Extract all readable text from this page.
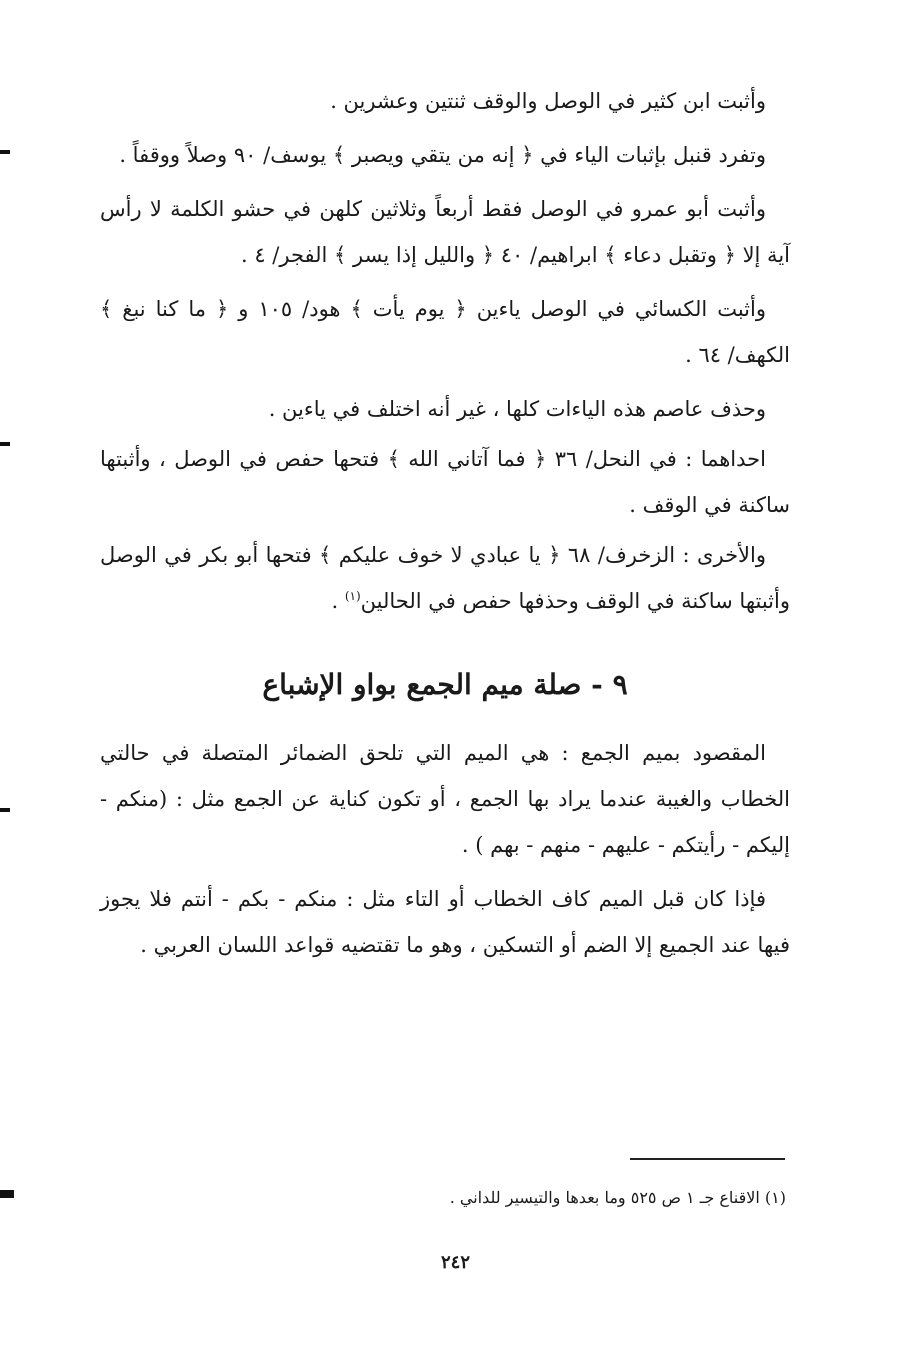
وأثبت ابن كثير في الوصل والوقف ثنتين وعشرين .

وتفرد قنبل بإثبات الياء في ﴿ إنه من يتقي ويصبر ﴾ يوسف/ ٩٠ وصلاً ووقفاً .

وأثبت أبو عمرو في الوصل فقط أربعاً وثلاثين كلهن في حشو الكلمة لا رأس آية إلا ﴿ وتقبل دعاء ﴾ ابراهيم/ ٤٠ ﴿ والليل إذا يسر ﴾ الفجر/ ٤ .

وأثبت الكسائي في الوصل ياءين ﴿ يوم يأت ﴾ هود/ ١٠٥ و ﴿ ما كنا نبغ ﴾ الكهف/ ٦٤ .

وحذف عاصم هذه الياءات كلها ، غير أنه اختلف في ياءين .

احداهما : في النحل/ ٣٦ ﴿ فما آتاني الله ﴾ فتحها حفص في الوصل ، وأثبتها ساكنة في الوقف .

والأخرى : الزخرف/ ٦٨ ﴿ يا عبادي لا خوف عليكم ﴾ فتحها أبو بكر في الوصل وأثبتها ساكنة في الوقف وحذفها حفص في الحالين$^{(١)}$ .

٩ - صلة ميم الجمع بواو الإشباع

المقصود بميم الجمع : هي الميم التي تلحق الضمائر المتصلة في حالتي الخطاب والغيبة عندما يراد بها الجمع ، أو تكون كناية عن الجمع مثل : (منكم - إليكم - رأيتكم - عليهم - منهم - بهم ) .

فإذا كان قبل الميم كاف الخطاب أو التاء مثل : منكم - بكم - أنتم فلا يجوز فيها عند الجميع إلا الضم أو التسكين ، وهو ما تقتضيه قواعد اللسان العربي .

(١) الاقناع جـ ١ ص ٥٢٥ وما بعدها والتيسير للداني .
٢٤٢
